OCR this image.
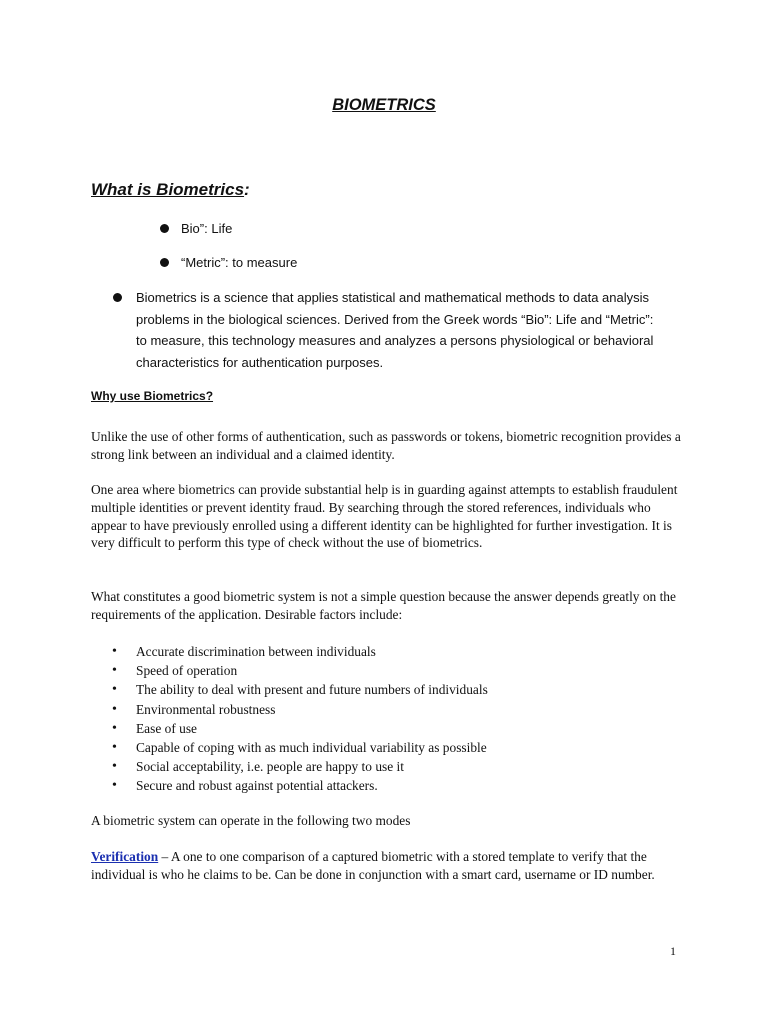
BIOMETRICS
What is Biometrics:
Bio”: Life
“Metric”: to measure
Biometrics is a science that applies statistical and mathematical methods to data analysis problems in the biological sciences. Derived from the Greek words “Bio”: Life and “Metric”: to measure, this technology measures and analyzes a persons physiological or behavioral characteristics for authentication purposes.
Why use Biometrics?

Unlike the use of other forms of authentication, such as passwords or tokens, biometric recognition provides a strong link between an individual and a claimed identity.

One area where biometrics can provide substantial help is in guarding against attempts to establish fraudulent multiple identities or prevent identity fraud. By searching through the stored references, individuals who appear to have previously enrolled using a different identity can be highlighted for further investigation. It is very difficult to perform this type of check without the use of biometrics.

What constitutes a good biometric system is not a simple question because the answer depends greatly on the requirements of the application. Desirable factors include:

• Accurate discrimination between individuals
• Speed of operation
• The ability to deal with present and future numbers of individuals
• Environmental robustness
• Ease of use
• Capable of coping with as much individual variability as possible
• Social acceptability, i.e. people are happy to use it
• Secure and robust against potential attackers.

A biometric system can operate in the following two modes

Verification – A one to one comparison of a captured biometric with a stored template to verify that the individual is who he claims to be. Can be done in conjunction with a smart card, username or ID number.

1
